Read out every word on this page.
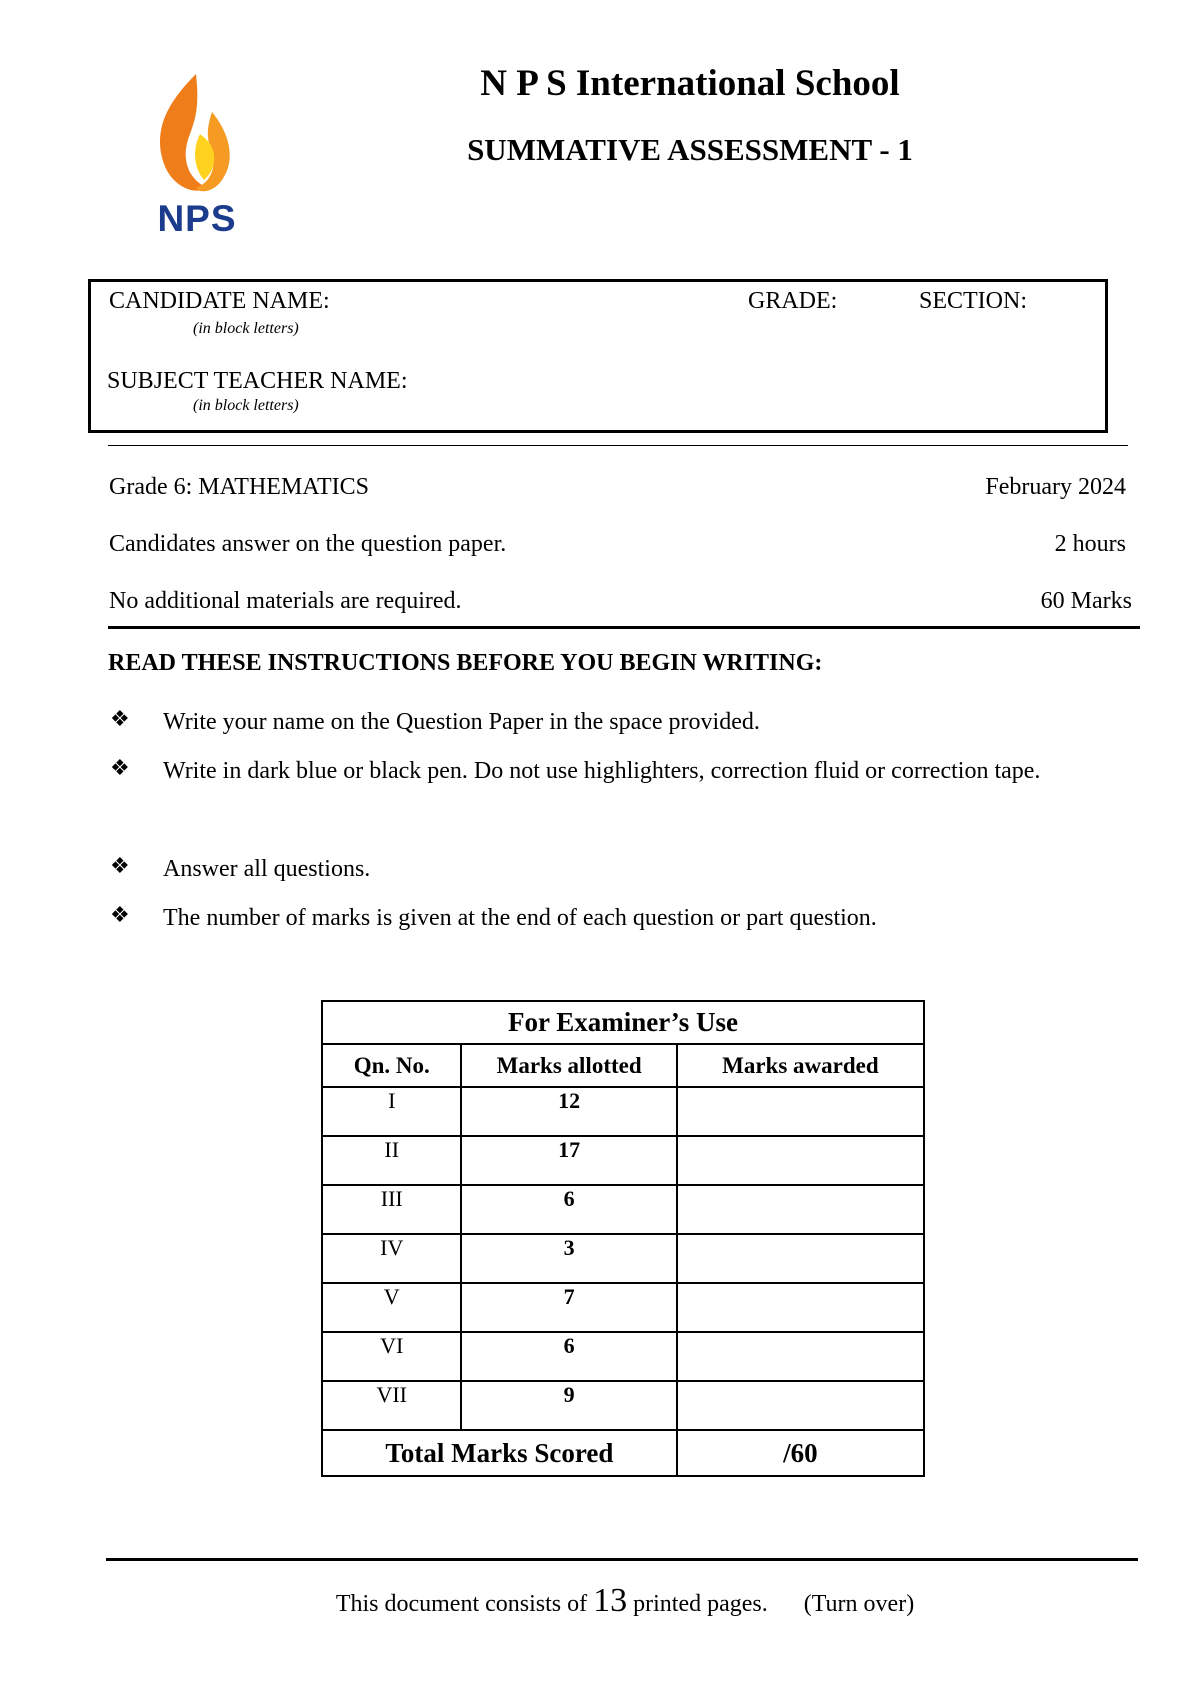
NPS
N P S International School
SUMMATIVE ASSESSMENT - 1
CANDIDATE NAME:
(in block letters)
GRADE:	SECTION:
SUBJECT TEACHER NAME:
(in block letters)
Grade 6: MATHEMATICS	February 2024
Candidates answer on the question paper.	2 hours
No additional materials are required.	60 Marks
READ THESE INSTRUCTIONS BEFORE YOU BEGIN WRITING:
❖ Write your name on the Question Paper in the space provided.
❖ Write in dark blue or black pen. Do not use highlighters, correction fluid or correction tape.
❖ Answer all questions.
❖ The number of marks is given at the end of each question or part question.
For Examiner’s Use		
Qn. No.	Marks allotted	Marks awarded
I	12	
II	17	
III	6	
IV	3	
V	7	
VI	6	
VII	9	
Total Marks Scored		/60
This document consists of 13 printed pages. (Turn over)
